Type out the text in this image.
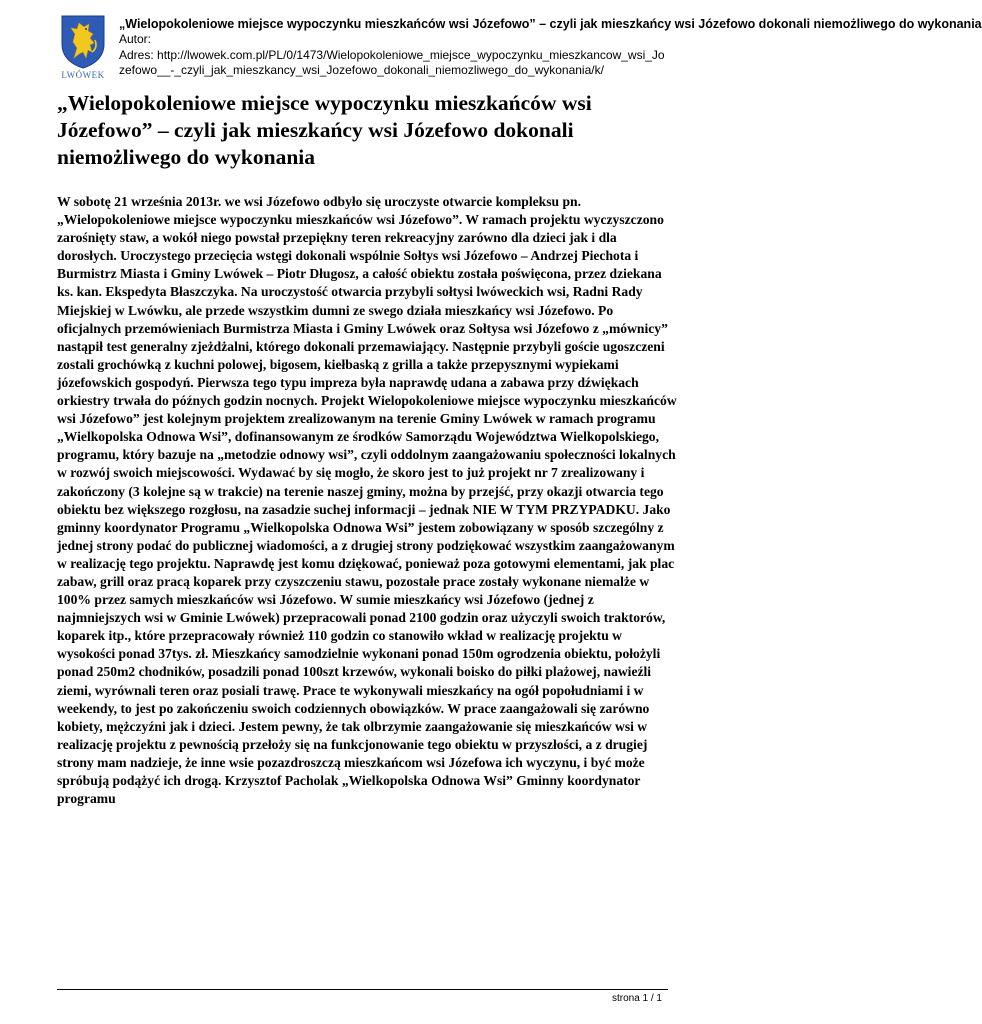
LWÓWEK

„Wielopokoleniowe miejsce wypoczynku mieszkańców wsi Józefowo” – czyli jak mieszkańcy wsi Józefowo dokonali niemożliwego do wykonania

Autor:

Adres: http://lwowek.com.pl/PL/0/1473/Wielopokoleniowe_miejsce_wypoczynku_mieszkancow_wsi_Jo

zefowo__-_czyli_jak_mieszkancy_wsi_Jozefowo_dokonali_niemozliwego_do_wykonania/k/

„Wielopokoleniowe miejsce wypoczynku mieszkańców wsi Józefowo” – czyli jak mieszkańcy wsi Józefowo dokonali niemożliwego do wykonania

W sobotę 21 września 2013r. we wsi Józefowo odbyło się uroczyste otwarcie kompleksu pn. „Wielopokoleniowe miejsce wypoczynku mieszkańców wsi Józefowo”. W ramach projektu wyczyszczono zarośnięty staw, a wokół niego powstał przepiękny teren rekreacyjny zarówno dla dzieci jak i dla dorosłych. Uroczystego przecięcia wstęgi dokonali wspólnie Sołtys wsi Józefowo – Andrzej Piechota i Burmistrz Miasta i Gminy Lwówek – Piotr Długosz, a całość obiektu została poświęcona, przez dziekana ks. kan. Ekspedyta Błaszczyka. Na uroczystość otwarcia przybyli sołtysi lwóweckich wsi, Radni Rady Miejskiej w Lwówku, ale przede wszystkim dumni ze swego działa mieszkańcy wsi Józefowo. Po oficjalnych przemówieniach Burmistrza Miasta i Gminy Lwówek oraz Sołtysa wsi Józefowo z „mównicy” nastąpił test generalny zjeżdżalni, którego dokonali przemawiający. Następnie przybyli goście ugoszczeni zostali grochówką z kuchni polowej, bigosem, kiełbaską z grilla a także przepysznymi wypiekami józefowskich gospodyń. Pierwsza tego typu impreza była naprawdę udana a zabawa przy dźwiękach orkiestry trwała do późnych godzin nocnych. Projekt Wielopokoleniowe miejsce wypoczynku mieszkańców wsi Józefowo” jest kolejnym projektem zrealizowanym na terenie Gminy Lwówek w ramach programu „Wielkopolska Odnowa Wsi”, dofinansowanym ze środków Samorządu Województwa Wielkopolskiego, programu, który bazuje na „metodzie odnowy wsi”, czyli oddolnym zaangażowaniu społeczności lokalnych w rozwój swoich miejscowości. Wydawać by się mogło, że skoro jest to już projekt nr 7 zrealizowany i zakończony (3 kolejne są w trakcie) na terenie naszej gminy, można by przejść, przy okazji otwarcia tego obiektu bez większego rozgłosu, na zasadzie suchej informacji – jednak NIE W TYM PRZYPADKU. Jako gminny koordynator Programu „Wielkopolska Odnowa Wsi” jestem zobowiązany w sposób szczególny z jednej strony podać do publicznej wiadomości, a z drugiej strony podziękować wszystkim zaangażowanym w realizację tego projektu. Naprawdę jest komu dziękować, ponieważ poza gotowymi elementami, jak plac zabaw, grill oraz pracą koparek przy czyszczeniu stawu, pozostałe prace zostały wykonane niemalże w 100% przez samych mieszkańców wsi Józefowo. W sumie mieszkańcy wsi Józefowo (jednej z najmniejszych wsi w Gminie Lwówek) przepracowali ponad 2100 godzin oraz użyczyli swoich traktorów, koparek itp., które przepracowały również 110 godzin co stanowiło wkład w realizację projektu w wysokości ponad 37tys. zł. Mieszkańcy samodzielnie wykonani ponad 150m ogrodzenia obiektu, położyli ponad 250m2 chodników, posadzili ponad 100szt krzewów, wykonali boisko do piłki plażowej, nawieźli ziemi, wyrównali teren oraz posiali trawę. Prace te wykonywali mieszkańcy na ogół popołudniami i w weekendy, to jest po zakończeniu swoich codziennych obowiązków. W prace zaangażowali się zarówno kobiety, mężczyźni jak i dzieci. Jestem pewny, że tak olbrzymie zaangażowanie się mieszkańców wsi w realizację projektu z pewnością przełoży się na funkcjonowanie tego obiektu w przyszłości, a z drugiej strony mam nadzieje, że inne wsie pozazdroszczą mieszkańcom wsi Józefowa ich wyczynu, i być może spróbują podążyć ich drogą. Krzysztof Pacholak „Wielkopolska Odnowa Wsi” Gminny koordynator programu

strona 1 / 1
